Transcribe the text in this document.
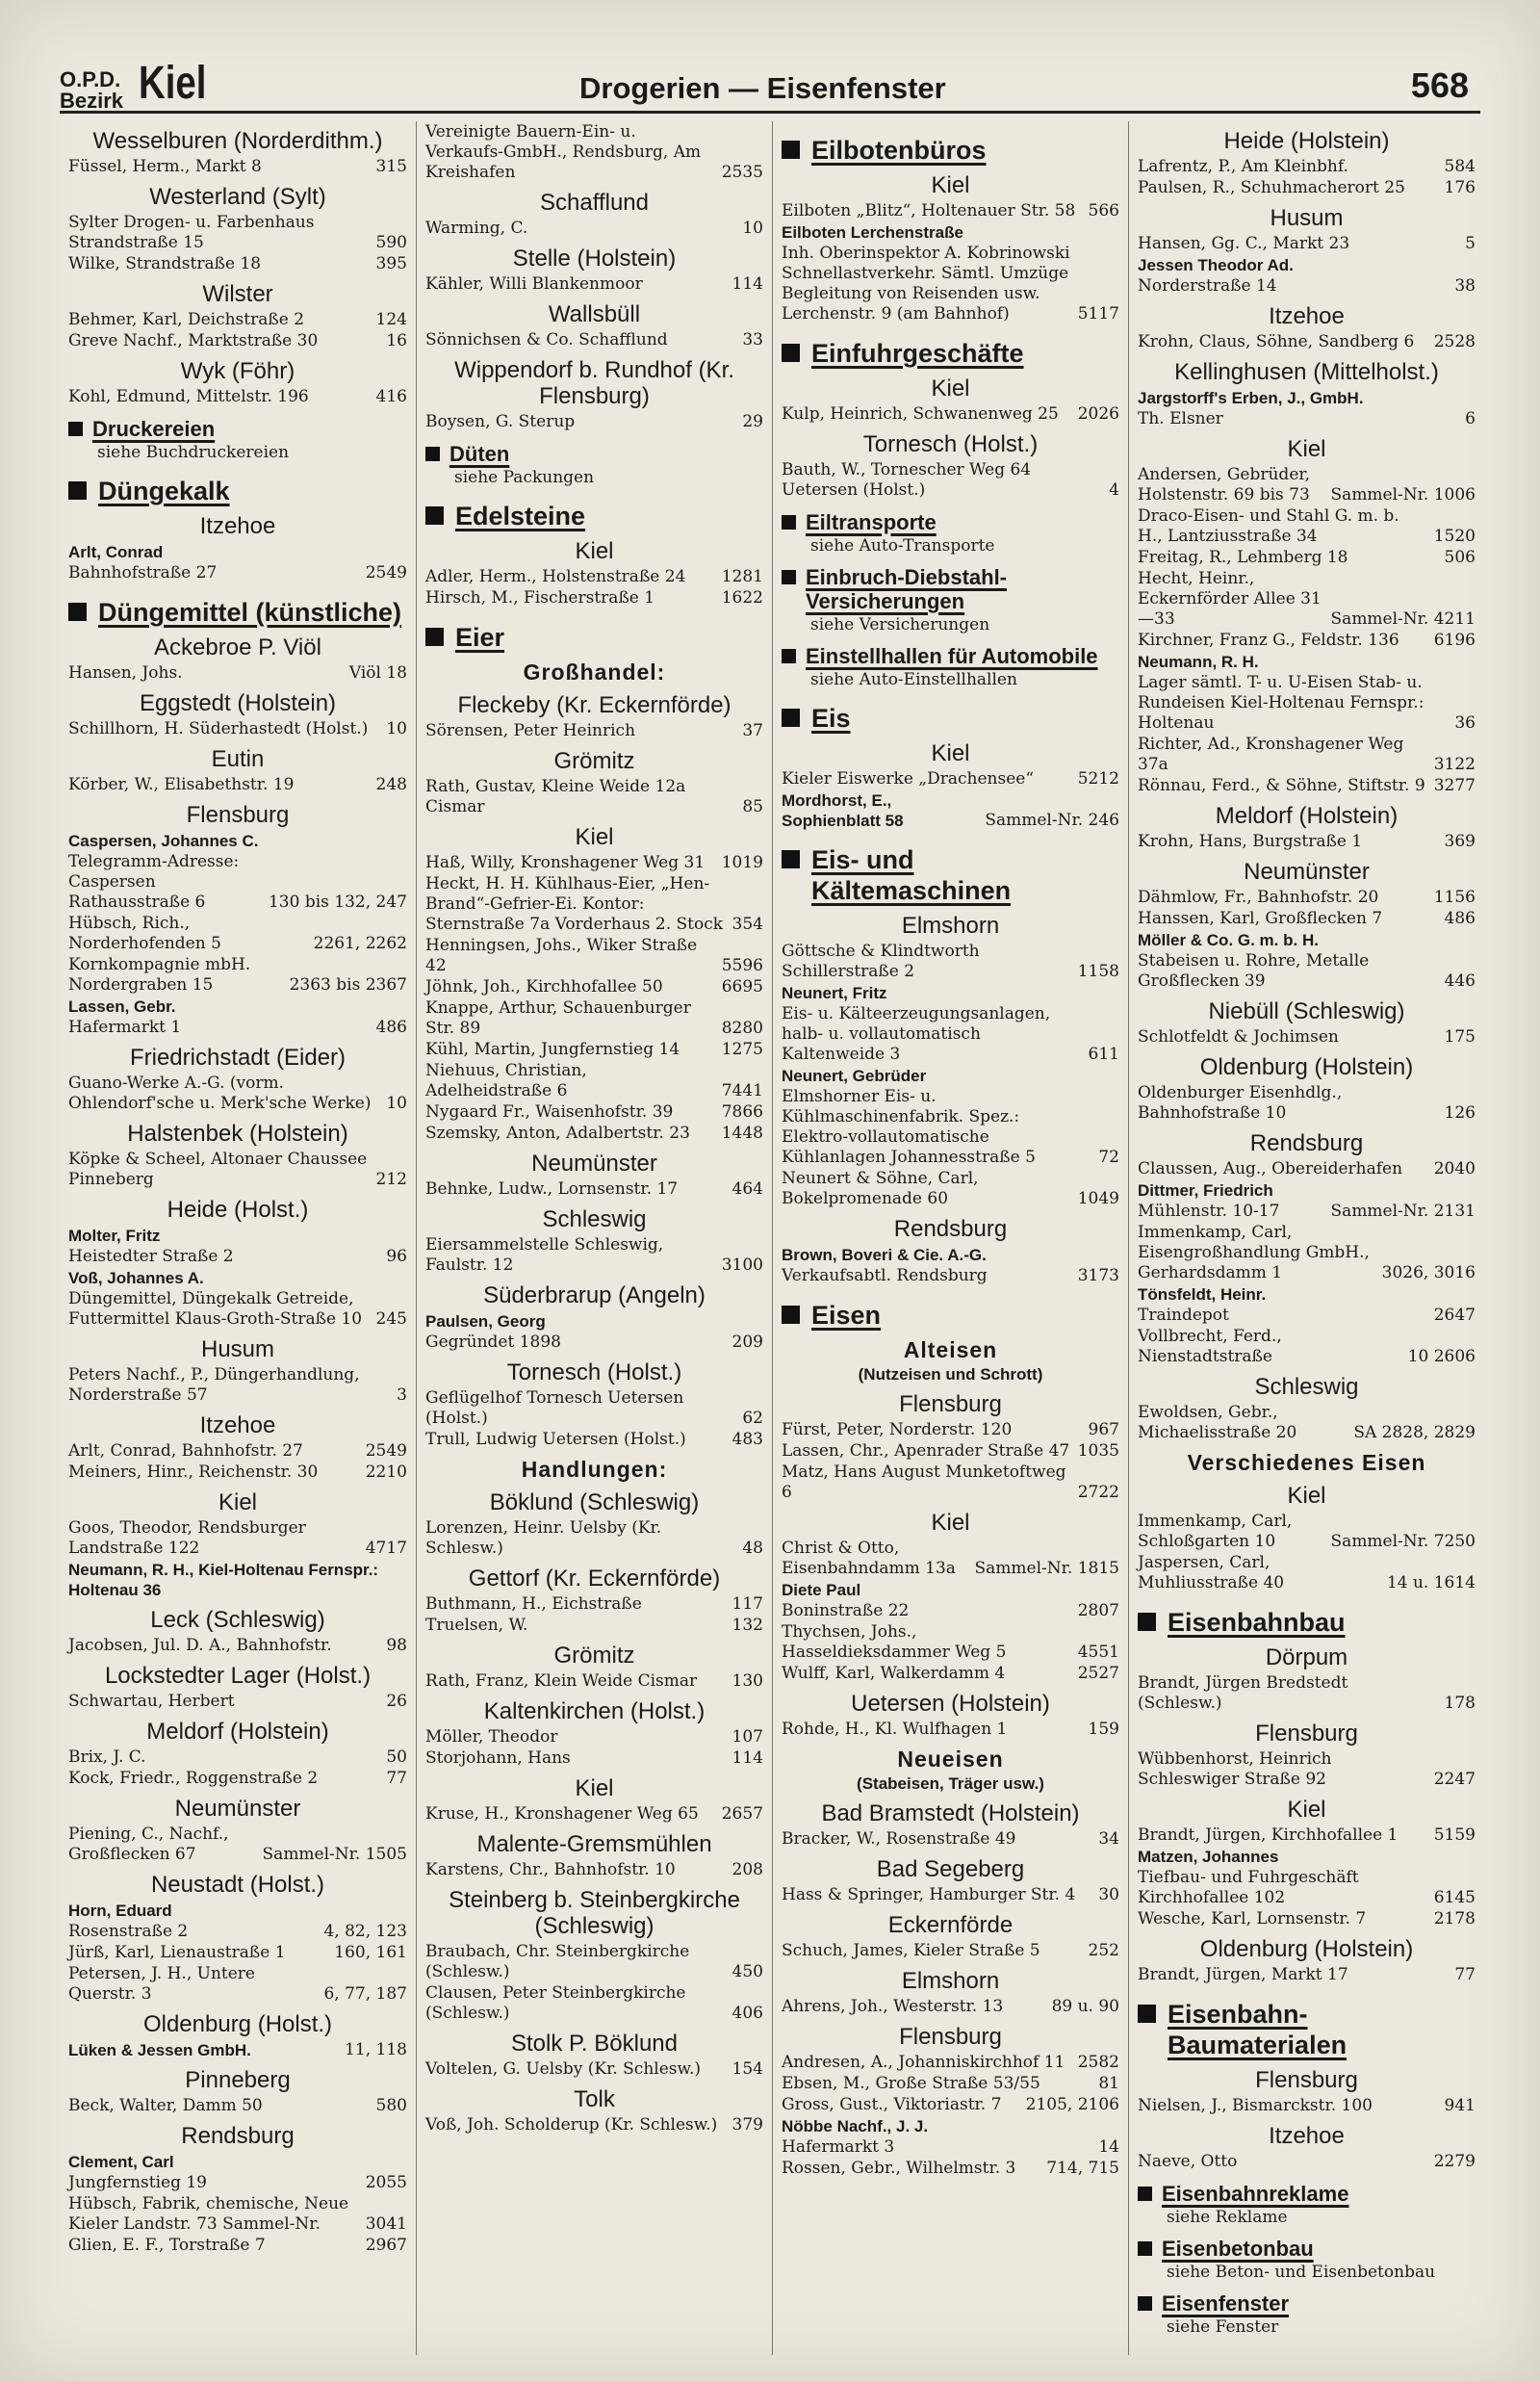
O.P.D.
Bezirk Kiel	Drogerien — Eisenfenster	568
Wesselburen (Norderdithm.)
Füssel, Herm., Markt 8	315
Westerland (Sylt)
Sylter Drogen- u. Farbenhaus Strandstraße 15	590
Wilke, Strandstraße 18	395
Wilster
Behmer, Karl, Deichstraße 2	124
Greve Nachf., Marktstraße 30	16
Wyk (Föhr)
Kohl, Edmund, Mittelstr. 196	416
Druckereien
siehe Buchdruckereien
Düngekalk
Itzehoe
Arlt, Conrad
Bahnhofstraße 27	2549
Düngemittel (künstliche)
Ackebroe P. Viöl
Hansen, Johs.	Viöl 18
Eggstedt (Holstein)
Schillhorn, H. Süderhastedt (Holst.)	10
Eutin
Körber, W., Elisabethstr. 19	248
Flensburg
Caspersen, Johannes C.
Telegramm-Adresse: Caspersen Rathausstraße 6	130 bis 132, 247
Hübsch, Rich., Norderhofenden 5	2261, 2262
Kornkompagnie mbH. Nordergraben 15	2363 bis 2367
Lassen, Gebr.
Hafermarkt 1	486
Friedrichstadt (Eider)
Guano-Werke A.-G. (vorm. Ohlendorf'sche u. Merk'sche Werke) 10
Halstenbek (Holstein)
Köpke & Scheel, Altonaer Chaussee Pinneberg	212
Heide (Holst.)
Molter, Fritz
Heistedter Straße 2	96
Voß, Johannes A.
Düngemittel, Düngekalk Getreide, Futtermittel Klaus-Groth-Straße 10 245
Husum
Peters Nachf., P., Düngerhandlung, Norderstraße 57	3
Itzehoe
Arlt, Conrad, Bahnhofstr. 27	2549
Meiners, Hinr., Reichenstr. 30	2210
Kiel
Goos, Theodor, Rendsburger Landstraße 122	4717
Neumann, R. H., Kiel-Holtenau Fernspr.: Holtenau 36
Leck (Schleswig)
Jacobsen, Jul. D. A., Bahnhofstr.	98
Lockstedter Lager (Holst.)
Schwartau, Herbert	26
Meldorf (Holstein)
Brix, J. C.	50
Kock, Friedr., Roggenstraße 2	77
Neumünster
Piening, C., Nachf., Großflecken 67	Sammel-Nr. 1505
Neustadt (Holst.)
Horn, Eduard
Rosenstraße 2	4, 82, 123
Jürß, Karl, Lienaustraße 1	160, 161
Petersen, J. H., Untere Querstr. 3	6, 77, 187
Oldenburg (Holst.)
Lüken & Jessen GmbH.	11, 118
Pinneberg
Beck, Walter, Damm 50	580
Rendsburg
Clement, Carl
Jungfernstieg 19	2055
Hübsch, Fabrik, chemische, Neue Kieler Landstr. 73 Sammel-Nr.	3041
Glien, E. F., Torstraße 7	2967
Vereinigte Bauern-Ein- u. Verkaufs-GmbH., Rendsburg, Am Kreishafen	2535
Schafflund
Warming, C.	10
Stelle (Holstein)
Kähler, Willi Blankenmoor	114
Wallsbüll
Sönnichsen & Co. Schafflund	33
Wippendorf b. Rundhof (Kr. Flensburg)
Boysen, G. Sterup	29
Düten
siehe Packungen
Edelsteine
Kiel
Adler, Herm., Holstenstraße 24	1281
Hirsch, M., Fischerstraße 1	1622
Eier
Großhandel:
Fleckeby (Kr. Eckernförde)
Sörensen, Peter Heinrich	37
Grömitz
Rath, Gustav, Kleine Weide 12a Cismar	85
Kiel
Haß, Willy, Kronshagener Weg 31	1019
Heckt, H. H. Kühlhaus-Eier, „Hen-Brand“-Gefrier-Ei. Kontor: Sternstraße 7a Vorderhaus 2. Stock 354
Henningsen, Johs., Wiker Straße 42	5596
Jöhnk, Joh., Kirchhofallee 50	6695
Knappe, Arthur, Schauenburger Str. 89	8280
Kühl, Martin, Jungfernstieg 14	1275
Niehuus, Christian, Adelheidstraße 6	7441
Nygaard Fr., Waisenhofstr. 39	7866
Szemsky, Anton, Adalbertstr. 23	1448
Neumünster
Behnke, Ludw., Lornsenstr. 17	464
Schleswig
Eiersammelstelle Schleswig, Faulstr. 12	3100
Süderbrarup (Angeln)
Paulsen, Georg
Gegründet 1898	209
Tornesch (Holst.)
Geflügelhof Tornesch Uetersen (Holst.)	62
Trull, Ludwig Uetersen (Holst.)	483
Handlungen:
Böklund (Schleswig)
Lorenzen, Heinr. Uelsby (Kr. Schlesw.)	48
Gettorf (Kr. Eckernförde)
Buthmann, H., Eichstraße	117
Truelsen, W.	132
Grömitz
Rath, Franz, Klein Weide Cismar	130
Kaltenkirchen (Holst.)
Möller, Theodor	107
Storjohann, Hans	114
Kiel
Kruse, H., Kronshagener Weg 65	2657
Malente-Gremsmühlen
Karstens, Chr., Bahnhofstr. 10	208
Steinberg b. Steinbergkirche (Schleswig)
Braubach, Chr. Steinbergkirche (Schlesw.)	450
Clausen, Peter Steinbergkirche (Schlesw.)	406
Stolk P. Böklund
Voltelen, G. Uelsby (Kr. Schlesw.)	154
Tolk
Voß, Joh. Scholderup (Kr. Schlesw.) 379
Eilbotenbüros
Kiel
Eilboten „Blitz“, Holtenauer Str. 58 566
Eilboten Lerchenstraße
Inh. Oberinspektor A. Kobrinowski Schnellastverkehr. Sämtl. Umzüge Begleitung von Reisenden usw. Lerchenstr. 9 (am Bahnhof)	5117
Einfuhrgeschäfte
Kiel
Kulp, Heinrich, Schwanenweg 25	2026
Tornesch (Holst.)
Bauth, W., Tornescher Weg 64 Uetersen (Holst.)	4
Eiltransporte
siehe Auto-Transporte
Einbruch-Diebstahl-Versicherungen
siehe Versicherungen
Einstellhallen für Automobile
siehe Auto-Einstellhallen
Eis
Kiel
Kieler Eiswerke „Drachensee“	5212
Mordhorst, E., Sophienblatt 58	Sammel-Nr. 246
Eis- und Kältemaschinen
Elmshorn
Göttsche & Klindtworth Schillerstraße 2	1158
Neunert, Fritz
Eis- u. Kälteerzeugungsanlagen, halb- u. vollautomatisch Kaltenweide 3	611
Neunert, Gebrüder
Elmshorner Eis- u. Kühlmaschinenfabrik. Spez.: Elektro-vollautomatische Kühlanlagen Johannesstraße 5	72
Neunert & Söhne, Carl, Bokelpromenade 60	1049
Rendsburg
Brown, Boveri & Cie. A.-G.
Verkaufsabtl. Rendsburg	3173
Eisen
Alteisen
(Nutzeisen und Schrott)
Flensburg
Fürst, Peter, Norderstr. 120	967
Lassen, Chr., Apenrader Straße 47 1035
Matz, Hans August Munketoftweg 6	2722
Kiel
Christ & Otto, Eisenbahndamm 13a	Sammel-Nr. 1815
Diete Paul
Boninstraße 22	2807
Thychsen, Johs., Hasseldieksdammer Weg 5	4551
Wulff, Karl, Walkerdamm 4	2527
Uetersen (Holstein)
Rohde, H., Kl. Wulfhagen 1	159
Neueisen
(Stabeisen, Träger usw.)
Bad Bramstedt (Holstein)
Bracker, W., Rosenstraße 49	34
Bad Segeberg
Hass & Springer, Hamburger Str. 4	30
Eckernförde
Schuch, James, Kieler Straße 5	252
Elmshorn
Ahrens, Joh., Westerstr. 13	89 u. 90
Flensburg
Andresen, A., Johanniskirchhof 11 2582
Ebsen, M., Große Straße 53/55	81
Gross, Gust., Viktoriastr. 7	2105, 2106
Nöbbe Nachf., J. J.
Hafermarkt 3	14
Rossen, Gebr., Wilhelmstr. 3	714, 715
Heide (Holstein)
Lafrentz, P., Am Kleinbhf.	584
Paulsen, R., Schuhmacherort 25	176
Husum
Hansen, Gg. C., Markt 23	5
Jessen Theodor Ad.
Norderstraße 14	38
Itzehoe
Krohn, Claus, Söhne, Sandberg 6	2528
Kellinghusen (Mittelholst.)
Jargstorff's Erben, J., GmbH.
Th. Elsner	6
Kiel
Andersen, Gebrüder, Holstenstr. 69 bis 73	Sammel-Nr. 1006
Draco-Eisen- und Stahl G. m. b. H., Lantziusstraße 34	1520
Freitag, R., Lehmberg 18	506
Hecht, Heinr., Eckernförder Allee 31—33	Sammel-Nr. 4211
Kirchner, Franz G., Feldstr. 136	6196
Neumann, R. H.
Lager sämtl. T- u. U-Eisen Stab- u. Rundeisen Kiel-Holtenau Fernspr.: Holtenau	36
Richter, Ad., Kronshagener Weg 37a	3122
Rönnau, Ferd., & Söhne, Stiftstr. 9 3277
Meldorf (Holstein)
Krohn, Hans, Burgstraße 1	369
Neumünster
Dähmlow, Fr., Bahnhofstr. 20	1156
Hanssen, Karl, Großflecken 7	486
Möller & Co. G. m. b. H.
Stabeisen u. Rohre, Metalle Großflecken 39	446
Niebüll (Schleswig)
Schlotfeldt & Jochimsen	175
Oldenburg (Holstein)
Oldenburger Eisenhdlg., Bahnhofstraße 10	126
Rendsburg
Claussen, Aug., Obereiderhafen	2040
Dittmer, Friedrich
Mühlenstr. 10-17	Sammel-Nr. 2131
Immenkamp, Carl, Eisengroßhandlung GmbH., Gerhardsdamm 1	3026, 3016
Tönsfeldt, Heinr.
Traindepot	2647
Vollbrecht, Ferd., Nienstadtstraße	10 2606
Schleswig
Ewoldsen, Gebr., Michaelisstraße 20	SA 2828, 2829
Verschiedenes Eisen
Kiel
Immenkamp, Carl, Schloßgarten 10	Sammel-Nr. 7250
Jaspersen, Carl, Muhliusstraße 40	14 u. 1614
Eisenbahnbau
Dörpum
Brandt, Jürgen Bredstedt (Schlesw.)	178
Flensburg
Wübbenhorst, Heinrich Schleswiger Straße 92	2247
Kiel
Brandt, Jürgen, Kirchhofallee 1	5159
Matzen, Johannes
Tiefbau- und Fuhrgeschäft Kirchhofallee 102	6145
Wesche, Karl, Lornsenstr. 7	2178
Oldenburg (Holstein)
Brandt, Jürgen, Markt 17	77
Eisenbahn-Baumaterialen
Flensburg
Nielsen, J., Bismarckstr. 100	941
Itzehoe
Naeve, Otto	2279
Eisenbahnreklame
siehe Reklame
Eisenbetonbau
siehe Beton- und Eisenbetonbau
Eisenfenster
siehe Fenster
